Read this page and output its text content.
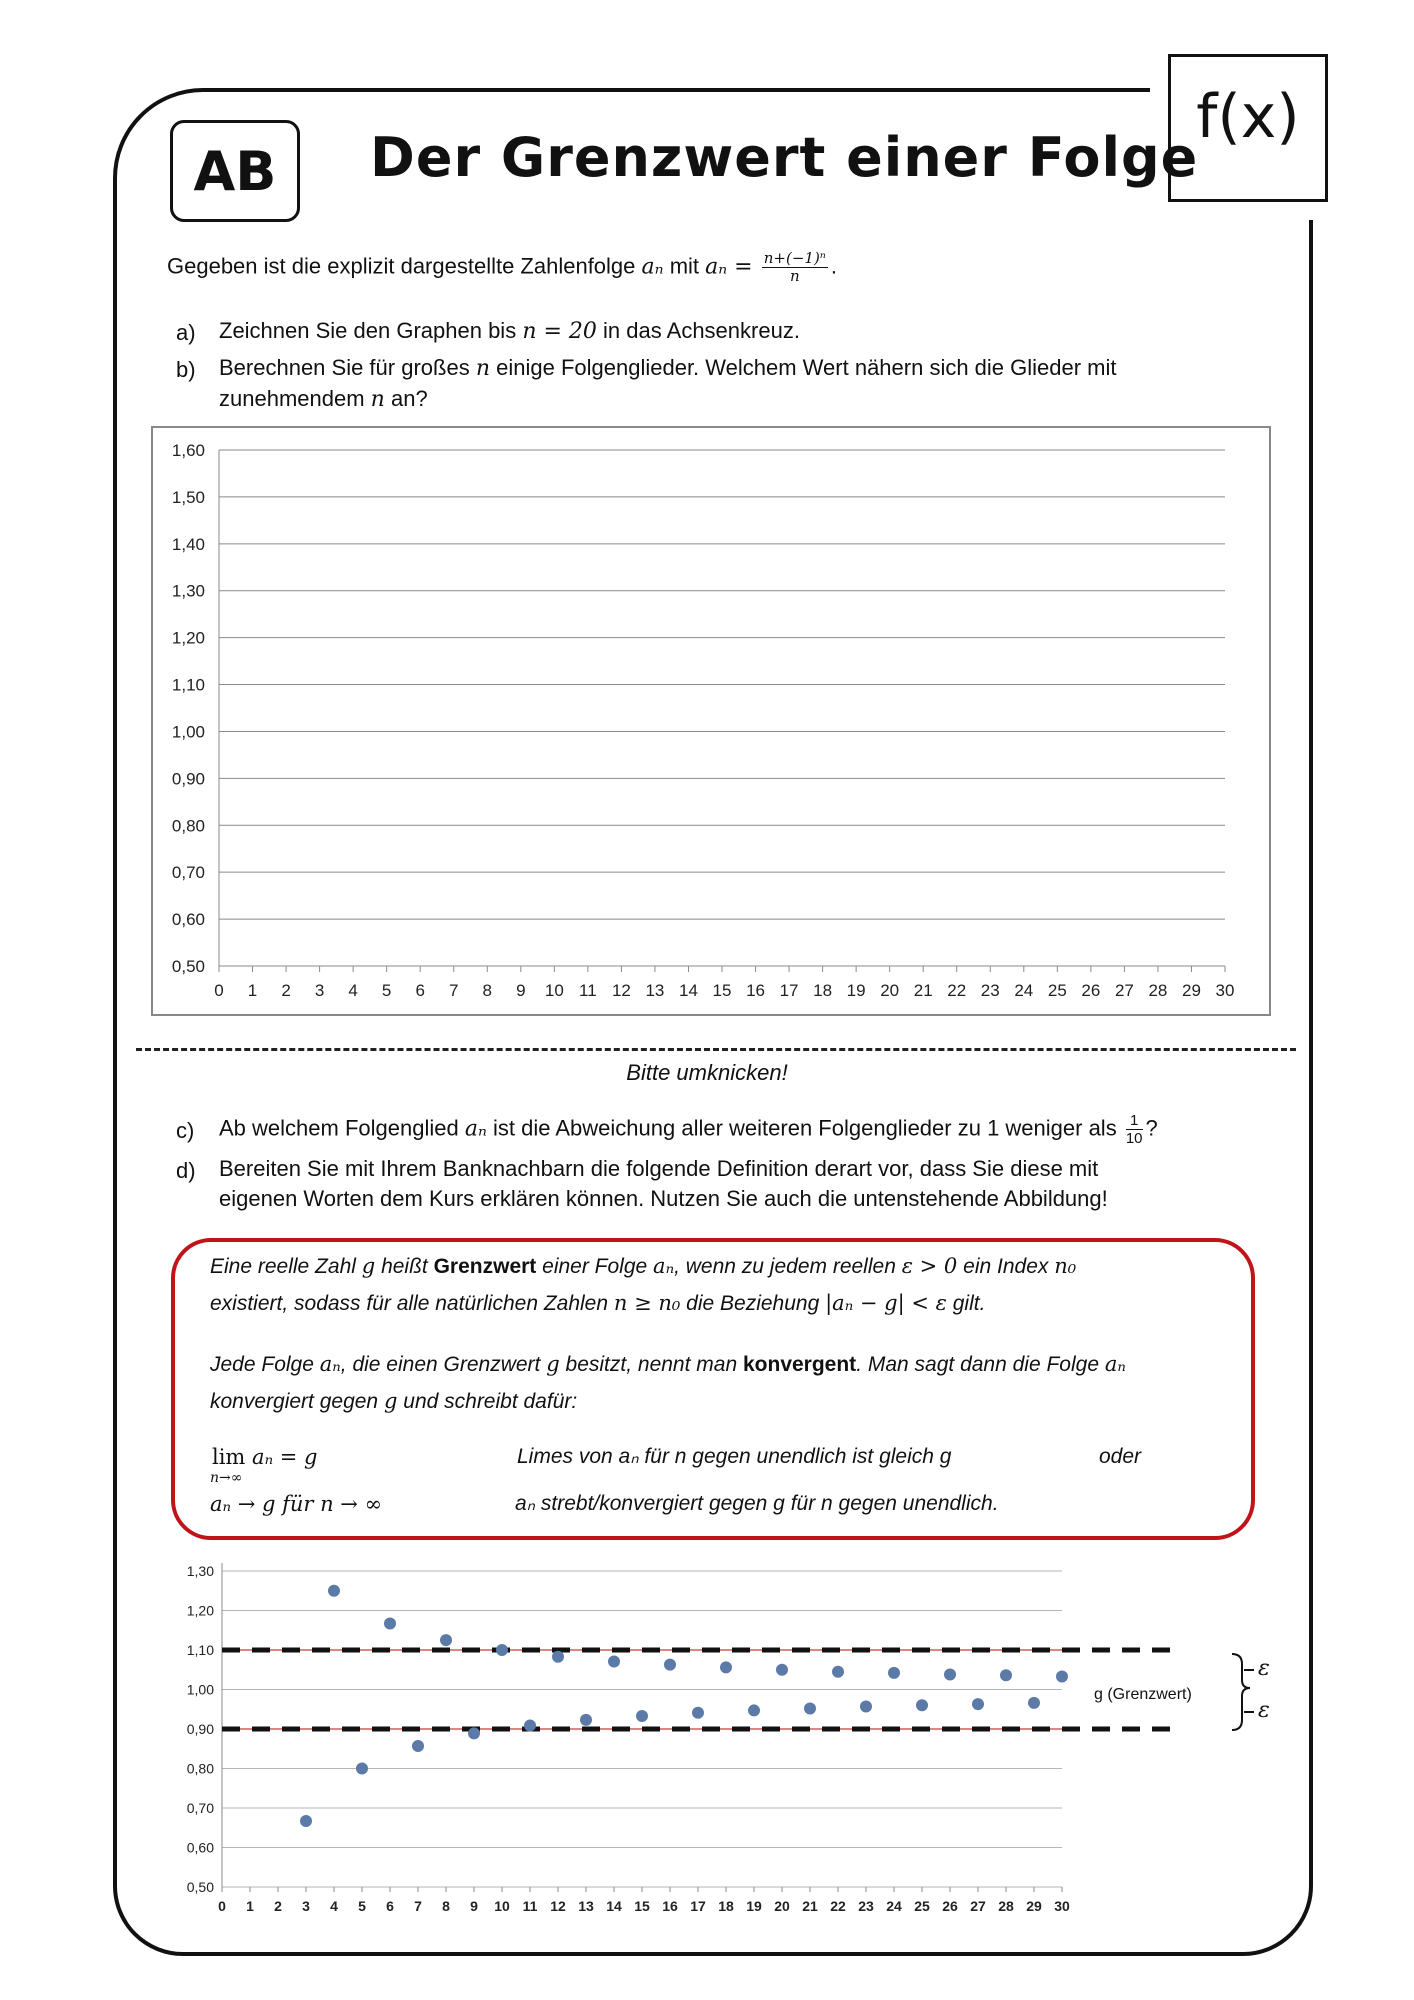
f(x)
AB	Der Grenzwert einer Folge
Gegeben ist die explizit dargestellte Zahlenfolge aₙ mit $a_n = \frac{\text{n+(−1)ⁿ}}{n}$ .
a) Zeichnen Sie den Graphen bis n = 20 in das Achsenkreuz.
b) Berechnen Sie für großes n einige Folgenglieder. Welchem Wert nähern sich die Glieder mit
zunehmendem n an?
1,60
1,50
1,40
1,30
1,20
1,10
1,00
0,90
0,80
0,70
0,60
0,50
0 1 2 3 4 5 6 7 8 9 10 11 12 13 14 15 16 17 18 19 20 21 22 23 24 25 26 27 28 29 30
Bitte umknicken!
c) Ab welchem Folgenglied aₙ ist die Abweichung aller weiteren Folgenglieder zu 1 weniger als $\frac{1}{10}$ ?
d) Bereiten Sie mit Ihrem Banknachbarn die folgende Definition derart vor, dass Sie diese mit
eigenen Worten dem Kurs erklären können. Nutzen Sie auch die untenstehende Abbildung!
Eine reelle Zahl g heißt Grenzwert einer Folge aₙ, wenn zu jedem reellen ε > 0 ein Index n₀
existiert, sodass für alle natürlichen Zahlen n ≥ n₀ die Beziehung |aₙ − g| < ε gilt.
Jede Folge aₙ, die einen Grenzwert g besitzt, nennt man konvergent. Man sagt dann die Folge aₙ
konvergiert gegen g und schreibt dafür:
lim aₙ = g
n→∞
Limes von aₙ für n gegen unendlich ist gleich g	oder
aₙ → g für n → ∞	aₙ strebt/konvergiert gegen g für n gegen unendlich.
1,30
1,20
1,10
1,00
0,90
0,80
0,70
0,60
0,50
0 1 2 3 4 5 6 7 8 9 10 11 12 13 14 15 16 17 18 19 20 21 22 23 24 25 26 27 28 29 30
g (Grenzwert)
ε
ε
